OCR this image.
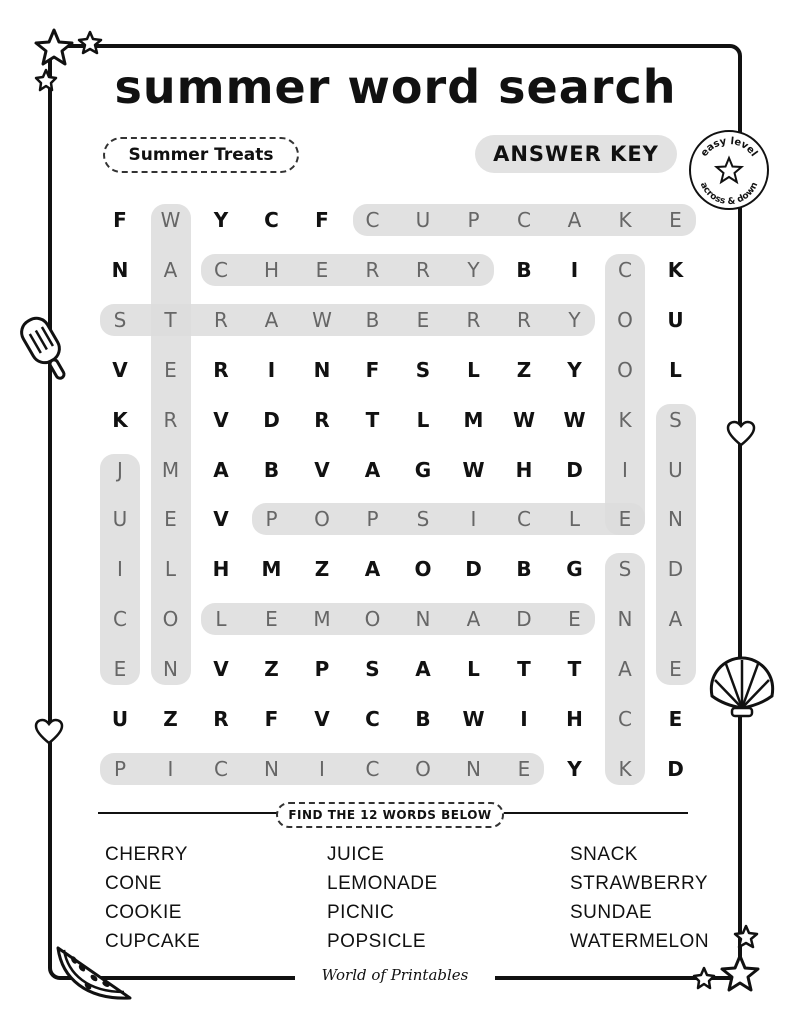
summer word search
Summer Treats	ANSWER KEY	easy level
across & down
F	W	Y	C	F	C	U	P	C	A	K	E
N	A	C	H	E	R	R	Y	B	I	C	K
S	T	R	A	W	B	E	R	R	Y	O	U
V	E	R	I	N	F	S	L	Z	Y	O	L
K	R	V	D	R	T	L	M	W	W	K	S
J	M	A	B	V	A	G	W	H	D	I	U
U	E	V	P	O	P	S	I	C	L	E	N
I	L	H	M	Z	A	O	D	B	G	S	D
C	O	L	E	M	O	N	A	D	E	N	A
E	N	V	Z	P	S	A	L	T	T	A	E
U	Z	R	F	V	C	B	W	I	H	C	E
P	I	C	N	I	C	O	N	E	Y	K	D
FIND THE 12 WORDS BELOW
CHERRY
CONE
COOKIE
CUPCAKE
JUICE
LEMONADE
PICNIC
POPSICLE
SNACK
STRAWBERRY
SUNDAE
WATERMELON
World of Printables
